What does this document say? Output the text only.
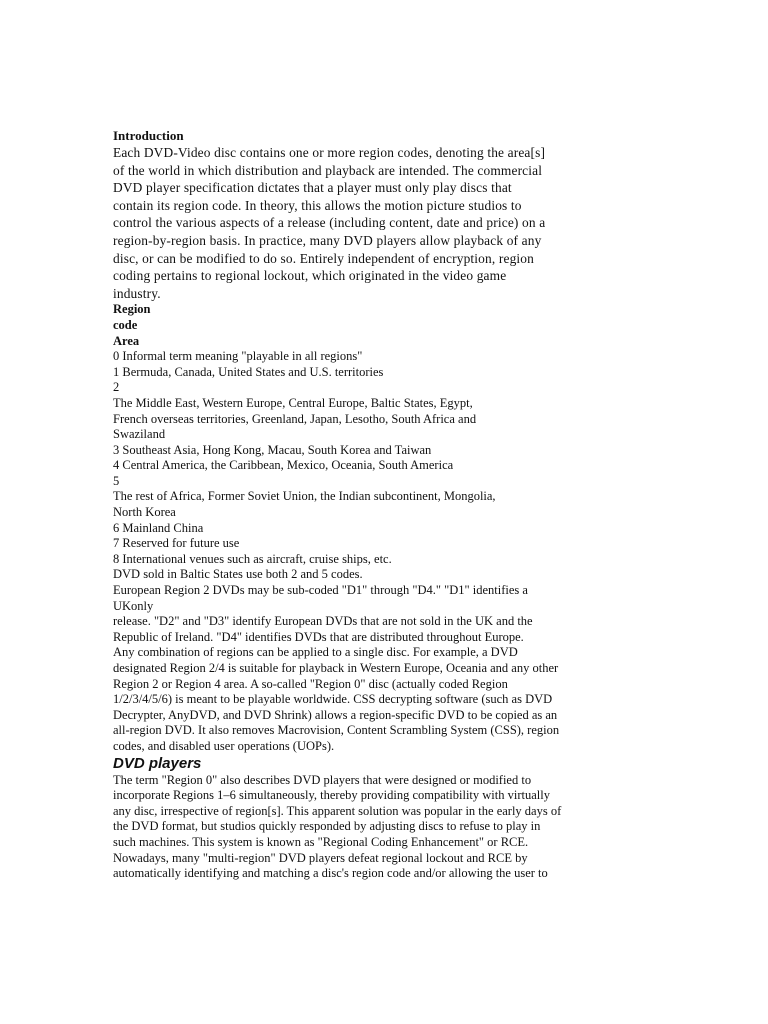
Introduction

Each DVD-Video disc contains one or more region codes, denoting the area[s]
of the world in which distribution and playback are intended. The commercial
DVD player specification dictates that a player must only play discs that
contain its region code. In theory, this allows the motion picture studios to
control the various aspects of a release (including content, date and price) on a
region-by-region basis. In practice, many DVD players allow playback of any
disc, or can be modified to do so. Entirely independent of encryption, region
coding pertains to regional lockout, which originated in the video game
industry.

Region

code

Area

0 Informal term meaning "playable in all regions"
1 Bermuda, Canada, United States and U.S. territories
2
The Middle East, Western Europe, Central Europe, Baltic States, Egypt,
French overseas territories, Greenland, Japan, Lesotho, South Africa and
Swaziland
3 Southeast Asia, Hong Kong, Macau, South Korea and Taiwan
4 Central America, the Caribbean, Mexico, Oceania, South America
5
The rest of Africa, Former Soviet Union, the Indian subcontinent, Mongolia,
North Korea
6 Mainland China
7 Reserved for future use
8 International venues such as aircraft, cruise ships, etc.
DVD sold in Baltic States use both 2 and 5 codes.
European Region 2 DVDs may be sub-coded "D1" through "D4." "D1" identifies a
UKonly
release. "D2" and "D3" identify European DVDs that are not sold in the UK and the
Republic of Ireland. "D4" identifies DVDs that are distributed throughout Europe.
Any combination of regions can be applied to a single disc. For example, a DVD
designated Region 2/4 is suitable for playback in Western Europe, Oceania and any other
Region 2 or Region 4 area. A so-called "Region 0" disc (actually coded Region
1/2/3/4/5/6) is meant to be playable worldwide. CSS decrypting software (such as DVD
Decrypter, AnyDVD, and DVD Shrink) allows a region-specific DVD to be copied as an
all-region DVD. It also removes Macrovision, Content Scrambling System (CSS), region
codes, and disabled user operations (UOPs).

DVD players

The term "Region 0" also describes DVD players that were designed or modified to
incorporate Regions 1–6 simultaneously, thereby providing compatibility with virtually
any disc, irrespective of region[s]. This apparent solution was popular in the early days of
the DVD format, but studios quickly responded by adjusting discs to refuse to play in
such machines. This system is known as "Regional Coding Enhancement" or RCE.
Nowadays, many "multi-region" DVD players defeat regional lockout and RCE by
automatically identifying and matching a disc's region code and/or allowing the user to
